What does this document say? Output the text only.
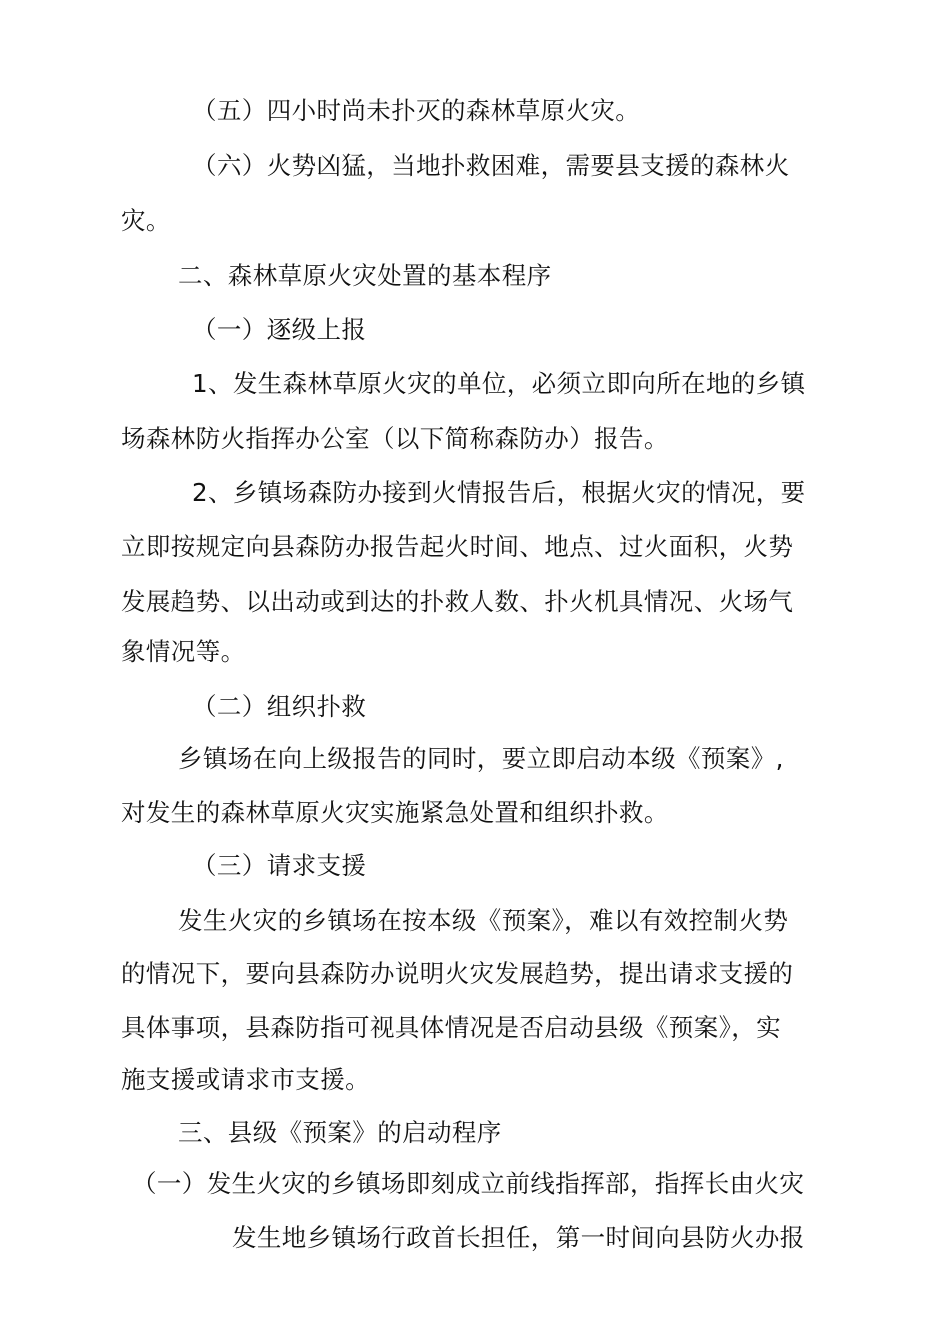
（五）四小时尚未扑灭的森林草原火灾。
（六）火势凶猛，当地扑救困难，需要县支援的森林火
灾。
二、森林草原火灾处置的基本程序
（一）逐级上报
1、发生森林草原火灾的单位，必须立即向所在地的乡镇
场森林防火指挥办公室（以下简称森防办）报告。
2、乡镇场森防办接到火情报告后，根据火灾的情况，要
立即按规定向县森防办报告起火时间、地点、过火面积，火势
发展趋势、以出动或到达的扑救人数、扑火机具情况、火场气
象情况等。
（二）组织扑救
乡镇场在向上级报告的同时，要立即启动本级《预案》,
对发生的森林草原火灾实施紧急处置和组织扑救。
（三）请求支援
发生火灾的乡镇场在按本级《预案》，难以有效控制火势
的情况下，要向县森防办说明火灾发展趋势，提出请求支援的
具体事项，县森防指可视具体情况是否启动县级《预案》，实
施支援或请求市支援。
三、县级《预案》的启动程序
（一）发生火灾的乡镇场即刻成立前线指挥部，指挥长由火灾
发生地乡镇场行政首长担任，第一时间向县防火办报
